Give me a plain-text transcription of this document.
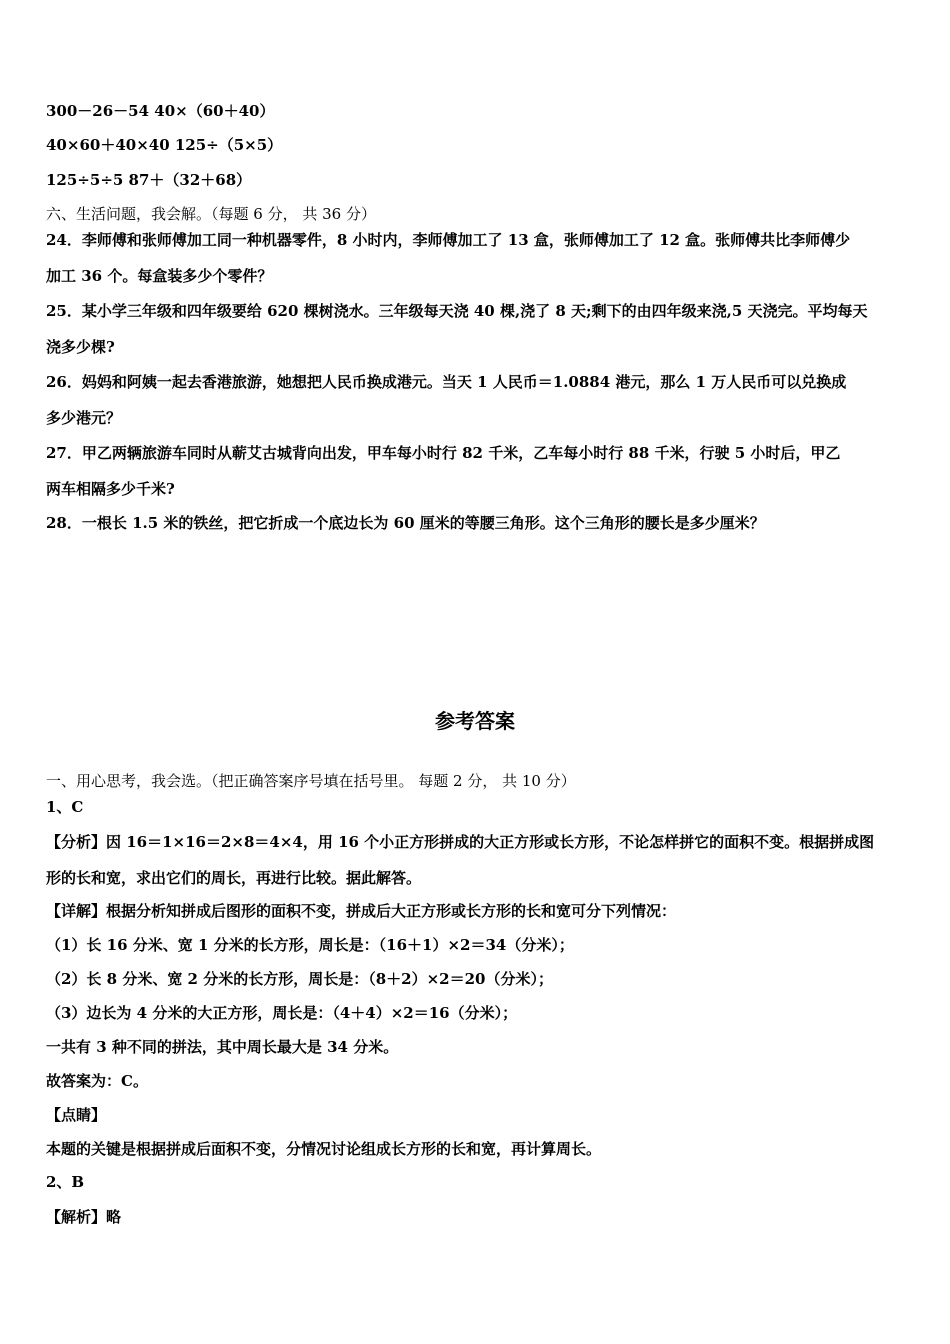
300－26－54 40×（60＋40）

40×60＋40×40 125÷（5×5）

125÷5÷5 87＋（32＋68）

六、生活问题，我会解。（每题 6 分， 共 36 分）

24．李师傅和张师傅加工同一种机器零件，8 小时内，李师傅加工了 13 盒，张师傅加工了 12 盒。张师傅共比李师傅少

加工 36 个。每盒装多少个零件？

25．某小学三年级和四年级要给 620 棵树浇水。三年级每天浇 40 棵,浇了 8 天;剩下的由四年级来浇,5 天浇完。平均每天

浇多少棵?

26．妈妈和阿姨一起去香港旅游，她想把人民币换成港元。当天 1 人民币＝1.0884 港元，那么 1 万人民币可以兑换成

多少港元？

27．甲乙两辆旅游车同时从蕲艾古城背向出发，甲车每小时行 82 千米，乙车每小时行 88 千米，行驶 5 小时后，甲乙

两车相隔多少千米?

28．一根长 1.5 米的铁丝，把它折成一个底边长为 60 厘米的等腰三角形。这个三角形的腰长是多少厘米？

参考答案

一、用心思考，我会选。（把正确答案序号填在括号里。 每题 2 分， 共 10 分）

1、C

【分析】因 16＝1×16＝2×8＝4×4，用 16 个小正方形拼成的大正方形或长方形，不论怎样拼它的面积不变。根据拼成图

形的长和宽，求出它们的周长，再进行比较。据此解答。

【详解】根据分析知拼成后图形的面积不变，拼成后大正方形或长方形的长和宽可分下列情况：

（1）长 16 分米、宽 1 分米的长方形，周长是：（16＋1）×2＝34（分米）；

（2）长 8 分米、宽 2 分米的长方形，周长是：（8＋2）×2＝20（分米）；

（3）边长为 4 分米的大正方形，周长是：（4＋4）×2＝16（分米）；

一共有 3 种不同的拼法，其中周长最大是 34 分米。

故答案为：C。

【点睛】

本题的关键是根据拼成后面积不变，分情况讨论组成长方形的长和宽，再计算周长。

2、B

【解析】略
